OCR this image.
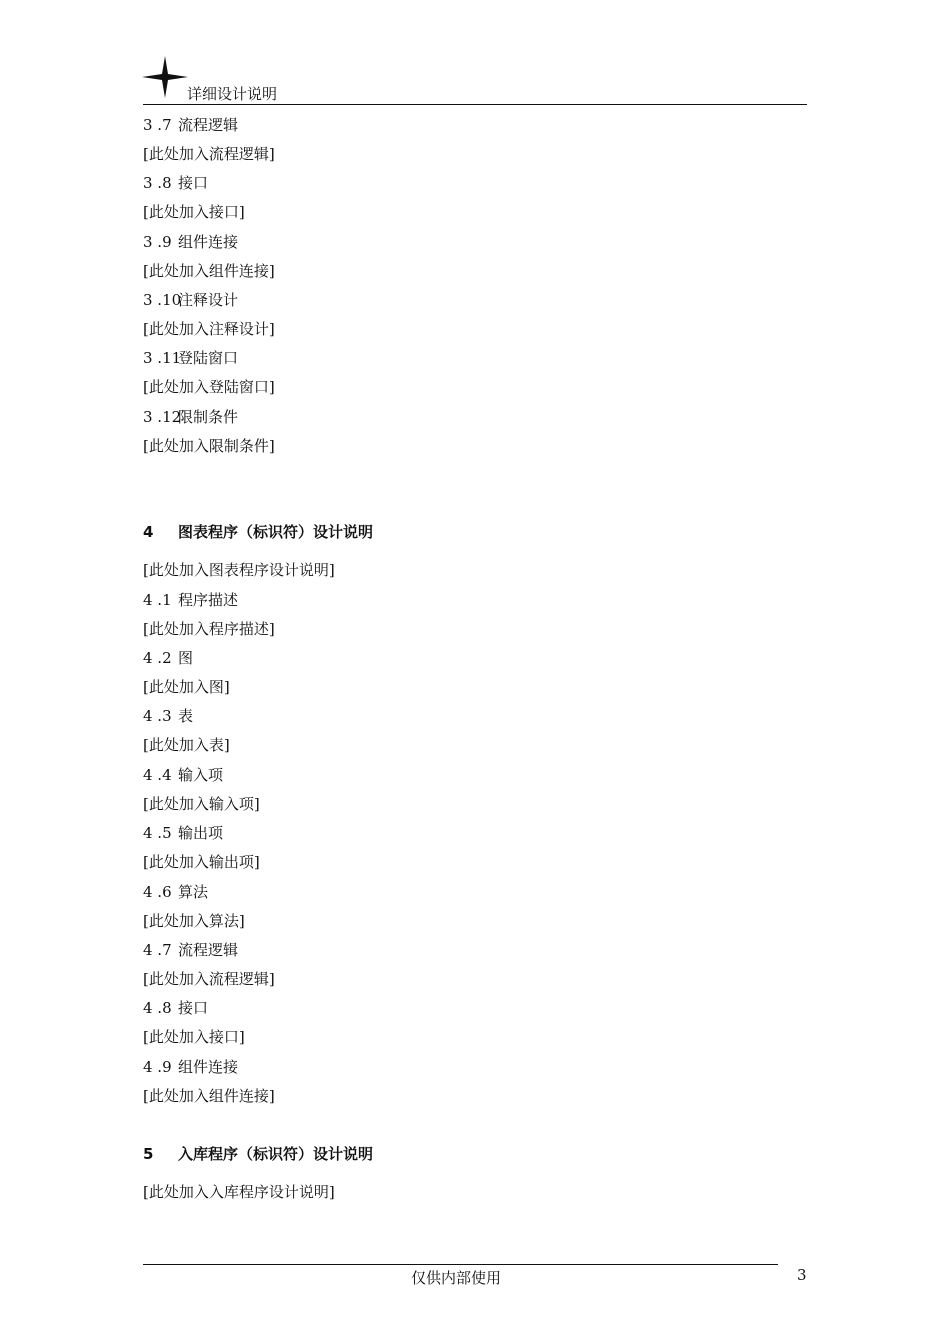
详细设计说明
3 .7 流程逻辑
[此处加入流程逻辑]
3 .8 接口
[此处加入接口]
3 .9 组件连接
[此处加入组件连接]
3 .10注释设计
[此处加入注释设计]
3 .11登陆窗口
[此处加入登陆窗口]
3 .12限制条件
[此处加入限制条件]
4 图表程序（标识符）设计说明
[此处加入图表程序设计说明]
4 .1 程序描述
[此处加入程序描述]
4 .2 图
[此处加入图]
4 .3 表
[此处加入表]
4 .4 输入项
[此处加入输入项]
4 .5 输出项
[此处加入输出项]
4 .6 算法
[此处加入算法]
4 .7 流程逻辑
[此处加入流程逻辑]
4 .8 接口
[此处加入接口]
4 .9 组件连接
[此处加入组件连接]
5 入库程序（标识符）设计说明
[此处加入入库程序设计说明]
仅供内部使用	3
